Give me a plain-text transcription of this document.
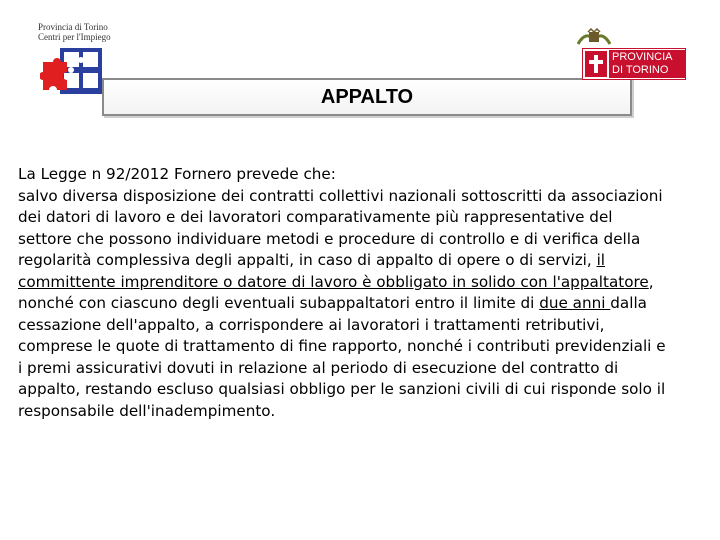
Provincia di Torino
Centri per l'Impiego
APPALTO
PROVINCIA
DI TORINO

La Legge n 92/2012 Fornero prevede che:

salvo diversa disposizione dei contratti collettivi nazionali sottoscritti da associazioni dei datori di lavoro e dei lavoratori comparativamente più rappresentative del settore che possono individuare metodi e procedure di controllo e di verifica della regolarità complessiva degli appalti, in caso di appalto di opere o di servizi, il committente imprenditore o datore di lavoro è obbligato in solido con l'appaltatore, nonché con ciascuno degli eventuali subappaltatori entro il limite di due anni dalla cessazione dell'appalto, a corrispondere ai lavoratori i trattamenti retributivi, comprese le quote di trattamento di fine rapporto, nonché i contributi previdenziali e i premi assicurativi dovuti in relazione al periodo di esecuzione del contratto di appalto, restando escluso qualsiasi obbligo per le sanzioni civili di cui risponde solo il responsabile dell'inadempimento.
